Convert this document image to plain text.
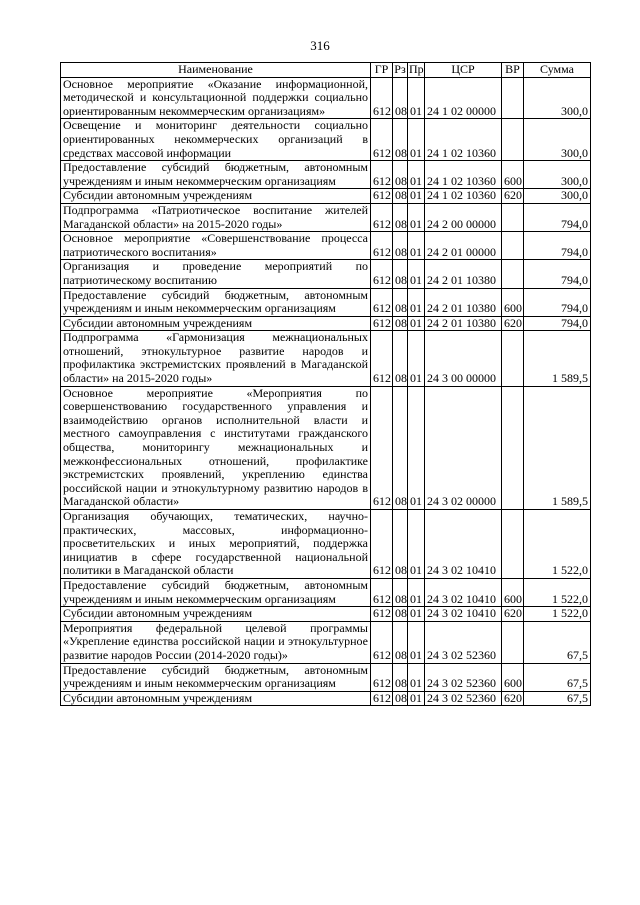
316
Наименование	ГР	Рз	Пр	ЦСР	ВР	Сумма
Основное мероприятие «Оказание информационной, методической и консультационной поддержки социально ориентированным некоммерческим организациям»	612	08	01	24 1 02 00000		300,0
Освещение и мониторинг деятельности социально ориентированных некоммерческих организаций в средствах массовой информации	612	08	01	24 1 02 10360		300,0
Предоставление субсидий бюджетным, автономным учреждениям и иным некоммерческим организациям	612	08	01	24 1 02 10360	600	300,0
Субсидии автономным учреждениям	612	08	01	24 1 02 10360	620	300,0
Подпрограмма «Патриотическое воспитание жителей Магаданской области» на 2015-2020 годы»	612	08	01	24 2 00 00000		794,0
Основное мероприятие «Совершенствование процесса патриотического воспитания»	612	08	01	24 2 01 00000		794,0
Организация и проведение мероприятий по патриотическому воспитанию	612	08	01	24 2 01 10380		794,0
Предоставление субсидий бюджетным, автономным учреждениям и иным некоммерческим организациям	612	08	01	24 2 01 10380	600	794,0
Субсидии автономным учреждениям	612	08	01	24 2 01 10380	620	794,0
Подпрограмма «Гармонизация межнациональных отношений, этнокультурное развитие народов и профилактика экстремистских проявлений в Магаданской области» на 2015-2020 годы»	612	08	01	24 3 00 00000		1 589,5
Основное мероприятие «Мероприятия по совершенствованию государственного управления и взаимодействию органов исполнительной власти и местного самоуправления с институтами гражданского общества, мониторингу межнациональных и межконфессиональных отношений, профилактике экстремистских проявлений, укреплению единства российской нации и этнокультурному развитию народов в Магаданской области»	612	08	01	24 3 02 00000		1 589,5
Организация обучающих, тематических, научно-практических, массовых, информационно-просветительских и иных мероприятий, поддержка инициатив в сфере государственной национальной политики в Магаданской области	612	08	01	24 3 02 10410		1 522,0
Предоставление субсидий бюджетным, автономным учреждениям и иным некоммерческим организациям	612	08	01	24 3 02 10410	600	1 522,0
Субсидии автономным учреждениям	612	08	01	24 3 02 10410	620	1 522,0
Мероприятия федеральной целевой программы «Укрепление единства российской нации и этнокультурное развитие народов России (2014-2020 годы)»	612	08	01	24 3 02 52360		67,5
Предоставление субсидий бюджетным, автономным учреждениям и иным некоммерческим организациям	612	08	01	24 3 02 52360	600	67,5
Субсидии автономным учреждениям	612	08	01	24 3 02 52360	620	67,5
